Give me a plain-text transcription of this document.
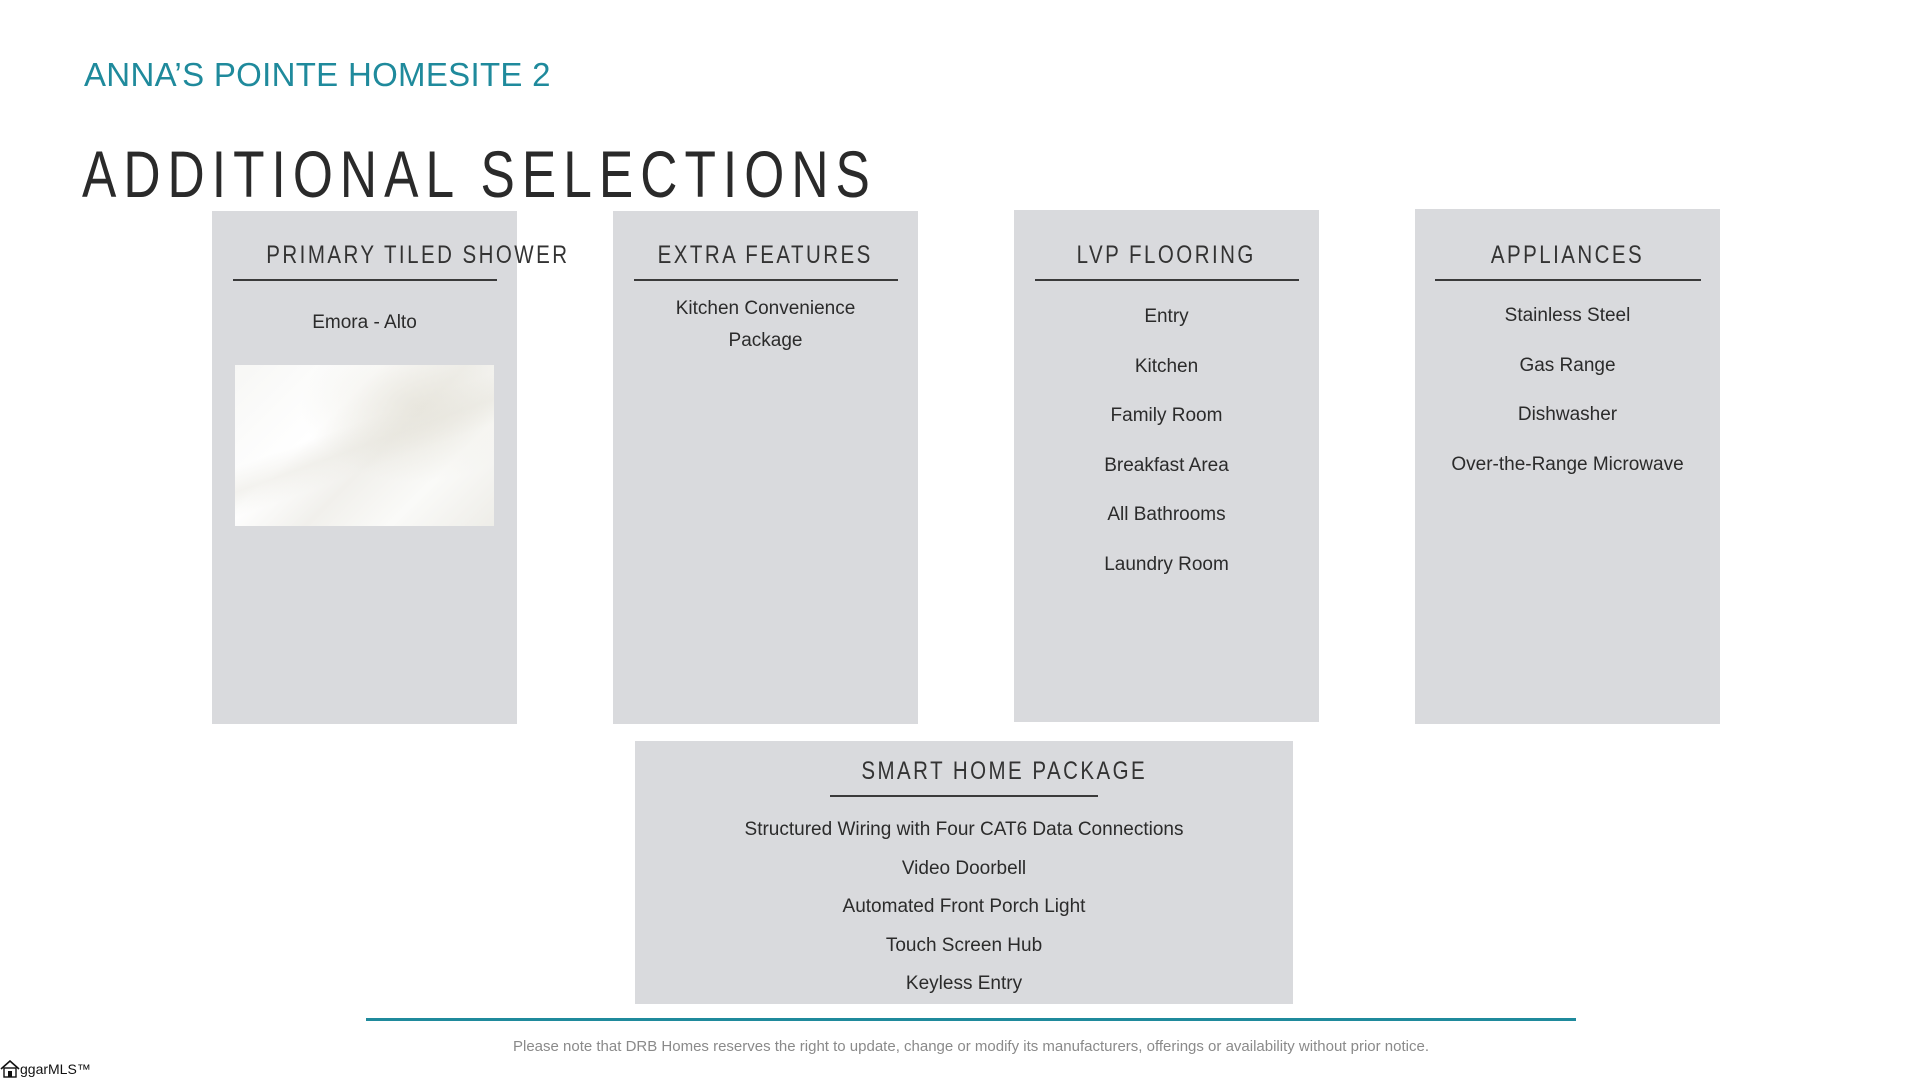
ANNA’S POINTE HOMESITE 2
ADDITIONAL SELECTIONS
PRIMARY TILED SHOWER
Emora - Alto
EXTRA FEATURES
Kitchen Convenience
Package
LVP FLOORING
Entry
Kitchen
Family Room
Breakfast Area
All Bathrooms
Laundry Room
APPLIANCES
Stainless Steel
Gas Range
Dishwasher
Over-the-Range Microwave
SMART HOME PACKAGE
Structured Wiring with Four CAT6 Data Connections
Video Doorbell
Automated Front Porch Light
Touch Screen Hub
Keyless Entry
Please note that DRB Homes reserves the right to update, change or modify its manufacturers, offerings or availability without prior notice.
ggarMLS™
